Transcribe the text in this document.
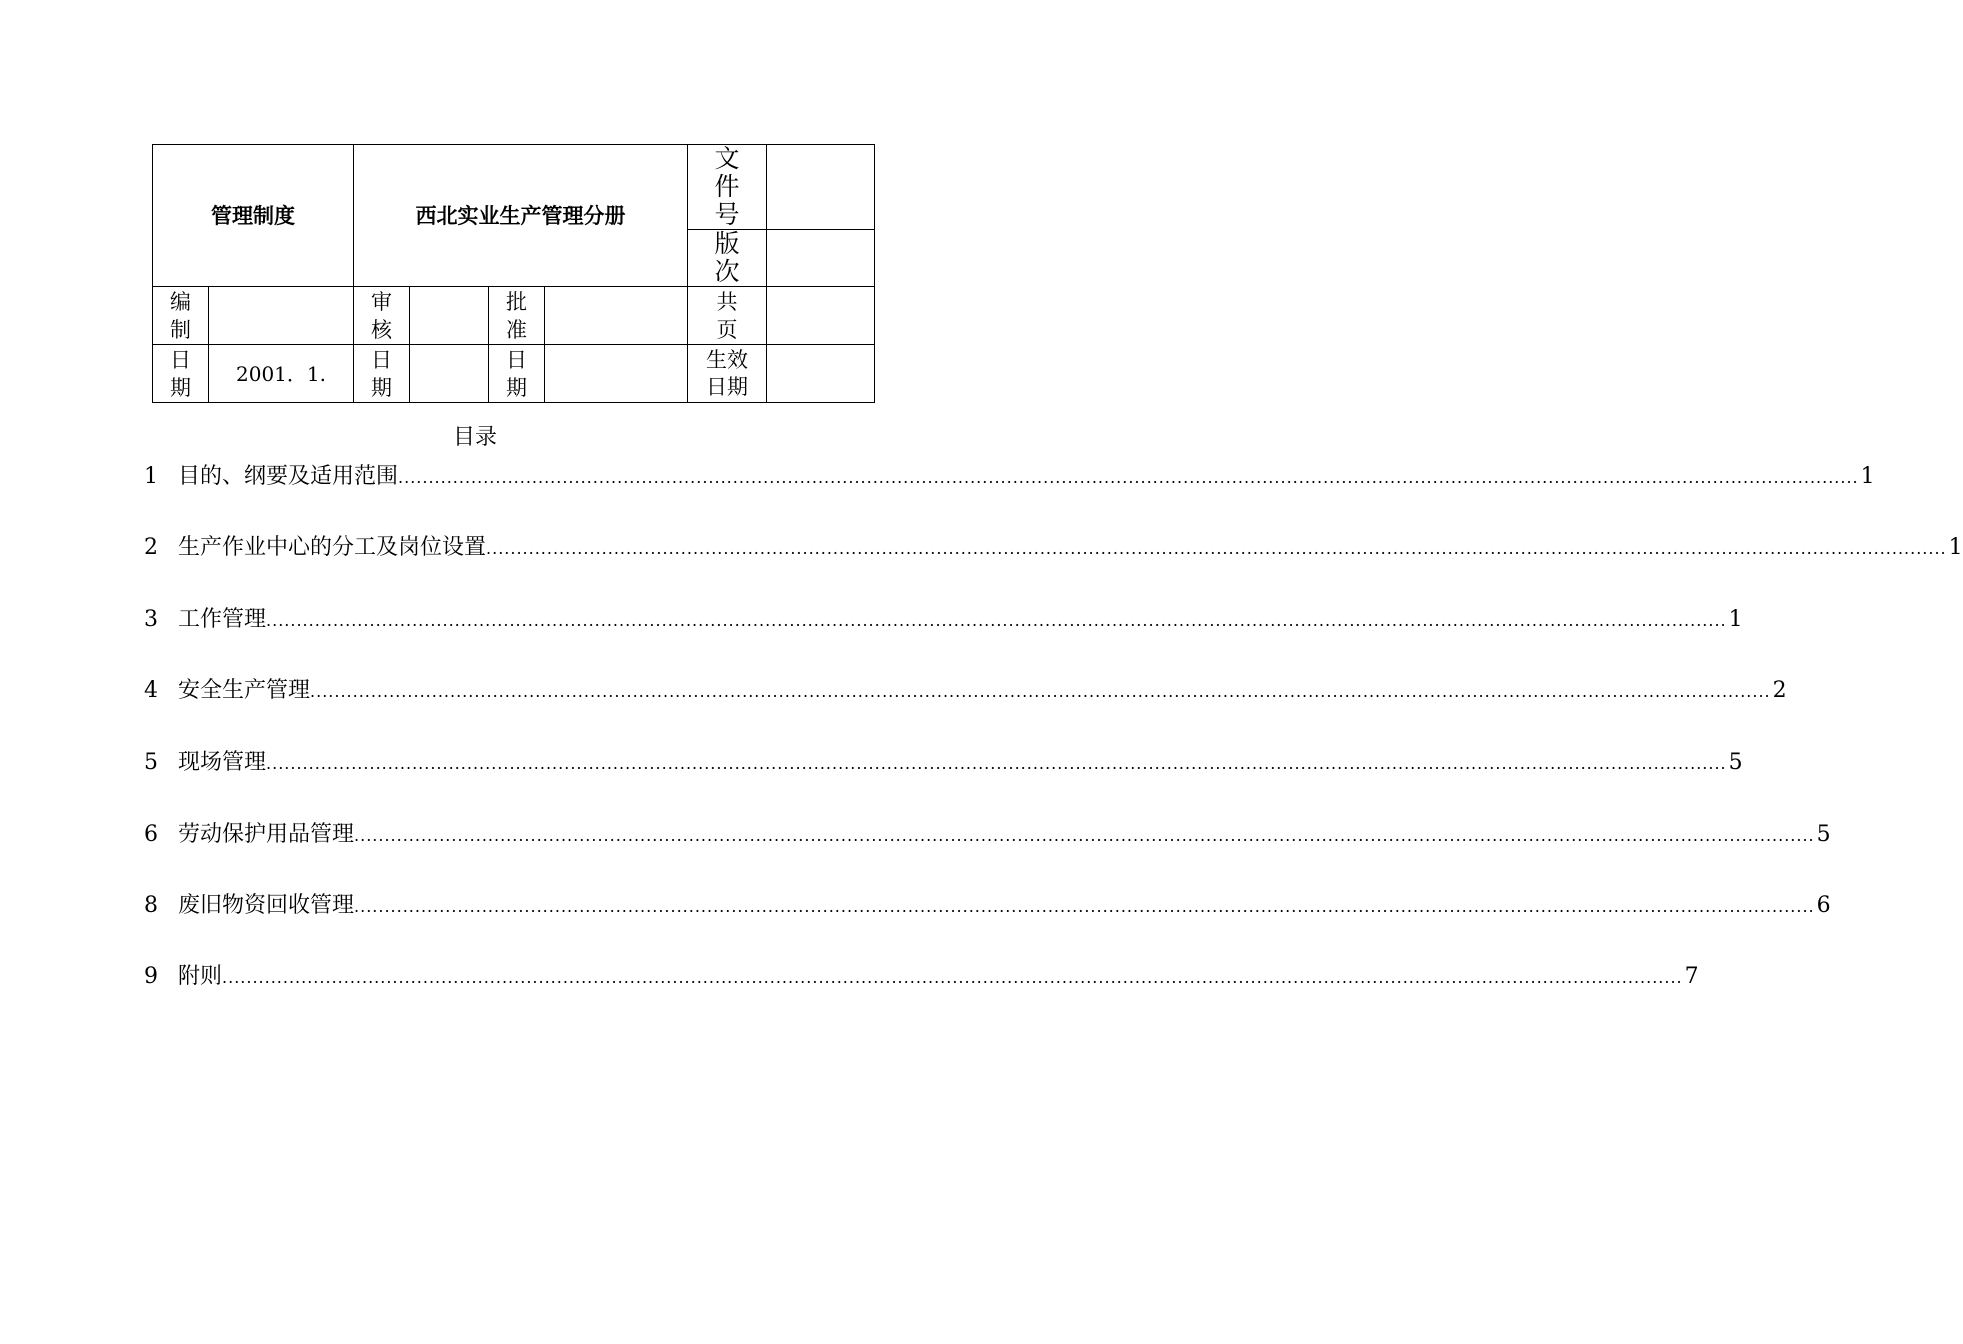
管理制度		西北实业生产管理分册				文件号	
						版次	
编制		审核		批准		共页	
日期	2001．1.	日期		日期		生效日期	
目录
1 目的、纲要及适用范围 ................................................................................................................................................................................................................................................ 1
2 生产作业中心的分工及岗位设置 ................................................................................................................................................................................................................................................ 1
3 工作管理 ................................................................................................................................................................................................................................................ 1
4 安全生产管理 ................................................................................................................................................................................................................................................ 2
5 现场管理 ................................................................................................................................................................................................................................................ 5
6 劳动保护用品管理 ................................................................................................................................................................................................................................................ 5
8 废旧物资回收管理 ................................................................................................................................................................................................................................................ 6
9 附则 ................................................................................................................................................................................................................................................ 7
